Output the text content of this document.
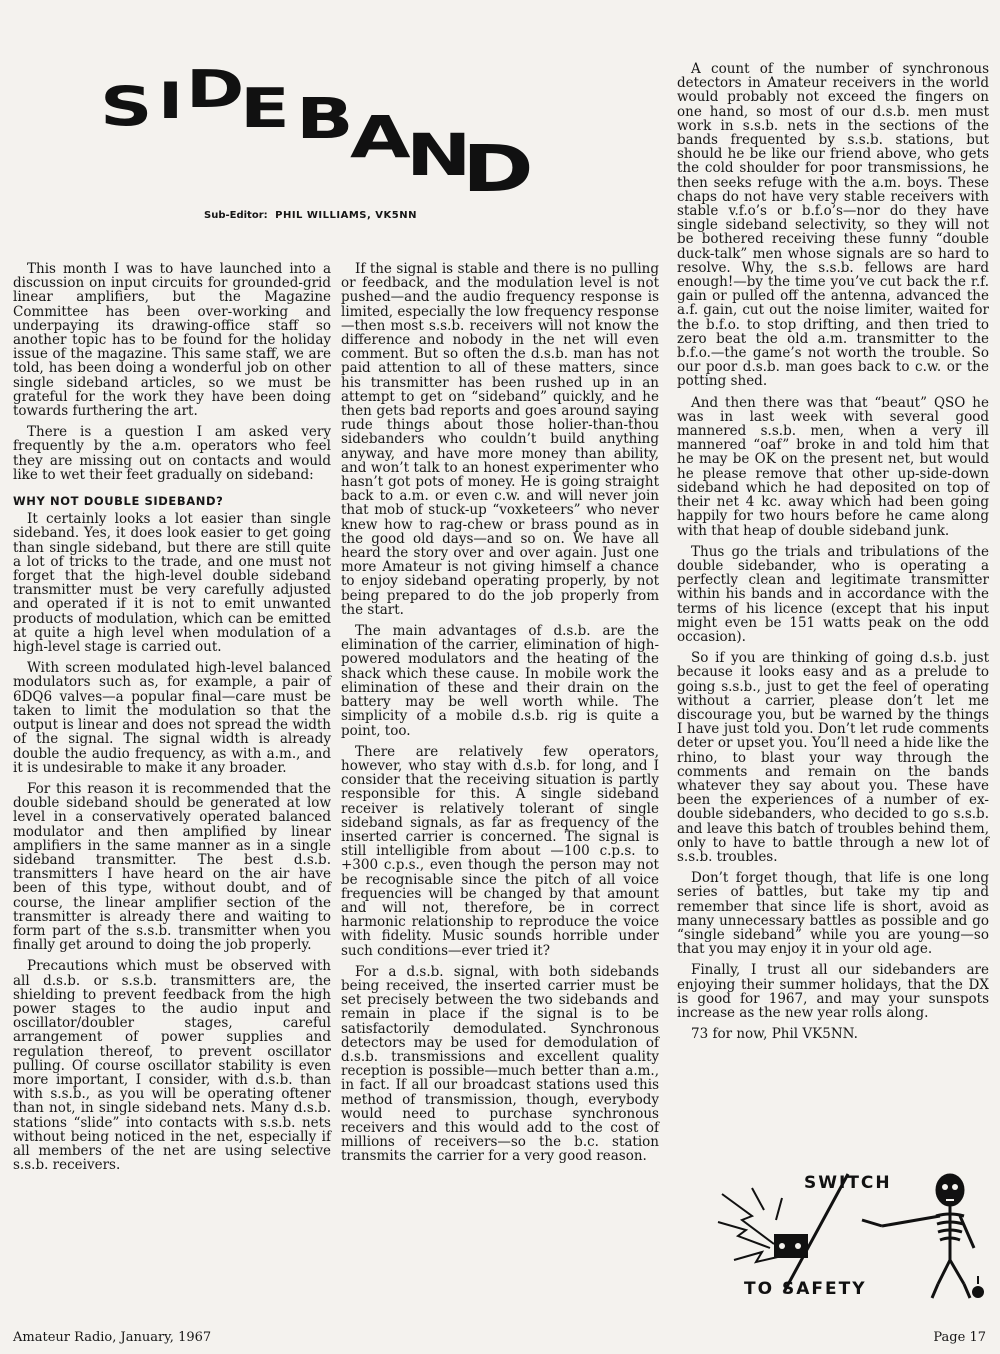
S I D
E B
A
N
D
Sub-Editor: PHIL WILLIAMS, VK5NN

This month I was to have launched into a discussion on input circuits for grounded-grid linear amplifiers, but the Magazine Committee has been over-working and underpaying its drawing-office staff so another topic has to be found for the holiday issue of the magazine. This same staff, we are told, has been doing a wonderful job on other single sideband articles, so we must be grateful for the work they have been doing towards furthering the art.

There is a question I am asked very frequently by the a.m. operators who feel they are missing out on contacts and would like to wet their feet gradually on sideband:

WHY NOT DOUBLE SIDEBAND?

It certainly looks a lot easier than single sideband. Yes, it does look easier to get going than single sideband, but there are still quite a lot of tricks to the trade, and one must not forget that the high-level double sideband transmitter must be very carefully adjusted and operated if it is not to emit unwanted products of modulation, which can be emitted at quite a high level when modulation of a high-level stage is carried out.

With screen modulated high-level balanced modulators such as, for example, a pair of 6DQ6 valves—a popular final—care must be taken to limit the modulation so that the output is linear and does not spread the width of the signal. The signal width is already double the audio frequency, as with a.m., and it is undesirable to make it any broader.

For this reason it is recommended that the double sideband should be generated at low level in a conservatively operated balanced modulator and then amplified by linear amplifiers in the same manner as in a single sideband transmitter. The best d.s.b. transmitters I have heard on the air have been of this type, without doubt, and of course, the linear amplifier section of the transmitter is already there and waiting to form part of the s.s.b. transmitter when you finally get around to doing the job properly.

Precautions which must be observed with all d.s.b. or s.s.b. transmitters are, the shielding to prevent feedback from the high power stages to the audio input and oscillator/doubler stages, careful arrangement of power supplies and regulation thereof, to prevent oscillator pulling. Of course oscillator stability is even more important, I consider, with d.s.b. than with s.s.b., as you will be operating oftener than not, in single sideband nets. Many d.s.b. stations “slide” into contacts with s.s.b. nets without being noticed in the net, especially if all members of the net are using selective s.s.b. receivers.

If the signal is stable and there is no pulling or feedback, and the modulation level is not pushed—and the audio frequency response is limited, especially the low frequency response—then most s.s.b. receivers will not know the difference and nobody in the net will even comment. But so often the d.s.b. man has not paid attention to all of these matters, since his transmitter has been rushed up in an attempt to get on “sideband” quickly, and he then gets bad reports and goes around saying rude things about those holier-than-thou sidebanders who couldn’t build anything anyway, and have more money than ability, and won’t talk to an honest experimenter who hasn’t got pots of money. He is going straight back to a.m. or even c.w. and will never join that mob of stuck-up “voxketeers” who never knew how to rag-chew or brass pound as in the good old days—and so on. We have all heard the story over and over again. Just one more Amateur is not giving himself a chance to enjoy sideband operating properly, by not being prepared to do the job properly from the start.

The main advantages of d.s.b. are the elimination of the carrier, elimination of high-powered modulators and the heating of the shack which these cause. In mobile work the elimination of these and their drain on the battery may be well worth while. The simplicity of a mobile d.s.b. rig is quite a point, too.

There are relatively few operators, however, who stay with d.s.b. for long, and I consider that the receiving situation is partly responsible for this. A single sideband receiver is relatively tolerant of single sideband signals, as far as frequency of the inserted carrier is concerned. The signal is still intelligible from about —100 c.p.s. to +300 c.p.s., even though the person may not be recognisable since the pitch of all voice frequencies will be changed by that amount and will not, therefore, be in correct harmonic relationship to reproduce the voice with fidelity. Music sounds horrible under such conditions—ever tried it?

For a d.s.b. signal, with both sidebands being received, the inserted carrier must be set precisely between the two sidebands and remain in place if the signal is to be satisfactorily demodulated. Synchronous detectors may be used for demodulation of d.s.b. transmissions and excellent quality reception is possible—much better than a.m., in fact. If all our broadcast stations used this method of transmission, though, everybody would need to purchase synchronous receivers and this would add to the cost of millions of receivers—so the b.c. station transmits the carrier for a very good reason.

A count of the number of synchronous detectors in Amateur receivers in the world would probably not exceed the fingers on one hand, so most of our d.s.b. men must work in s.s.b. nets in the sections of the bands frequented by s.s.b. stations, but should he be like our friend above, who gets the cold shoulder for poor transmissions, he then seeks refuge with the a.m. boys. These chaps do not have very stable receivers with stable v.f.o’s or b.f.o’s—nor do they have single sideband selectivity, so they will not be bothered receiving these funny “double duck-talk” men whose signals are so hard to resolve. Why, the s.s.b. fellows are hard enough!—by the time you’ve cut back the r.f. gain or pulled off the antenna, advanced the a.f. gain, cut out the noise limiter, waited for the b.f.o. to stop drifting, and then tried to zero beat the old a.m. transmitter to the b.f.o.—the game’s not worth the trouble. So our poor d.s.b. man goes back to c.w. or the potting shed.

And then there was that “beaut” QSO he was in last week with several good mannered s.s.b. men, when a very ill mannered “oaf” broke in and told him that he may be OK on the present net, but would he please remove that other up-side-down sideband which he had deposited on top of their net 4 kc. away which had been going happily for two hours before he came along with that heap of double sideband junk.

Thus go the trials and tribulations of the double sidebander, who is operating a perfectly clean and legitimate transmitter within his bands and in accordance with the terms of his licence (except that his input might even be 151 watts peak on the odd occasion).

So if you are thinking of going d.s.b. just because it looks easy and as a prelude to going s.s.b., just to get the feel of operating without a carrier, please don’t let me discourage you, but be warned by the things I have just told you. Don’t let rude comments deter or upset you. You’ll need a hide like the rhino, to blast your way through the comments and remain on the bands whatever they say about you. These have been the experiences of a number of ex-double sidebanders, who decided to go s.s.b. and leave this batch of troubles behind them, only to have to battle through a new lot of s.s.b. troubles.

Don’t forget though, that life is one long series of battles, but take my tip and remember that since life is short, avoid as many unnecessary battles as possible and go “single sideband” while you are young—so that you may enjoy it in your old age.

Finally, I trust all our sidebanders are enjoying their summer holidays, that the DX is good for 1967, and may your sunspots increase as the new year rolls along.

73 for now, Phil VK5NN.

SWITCH
TO SAFETY
Amateur Radio, January, 1967	Page 17
